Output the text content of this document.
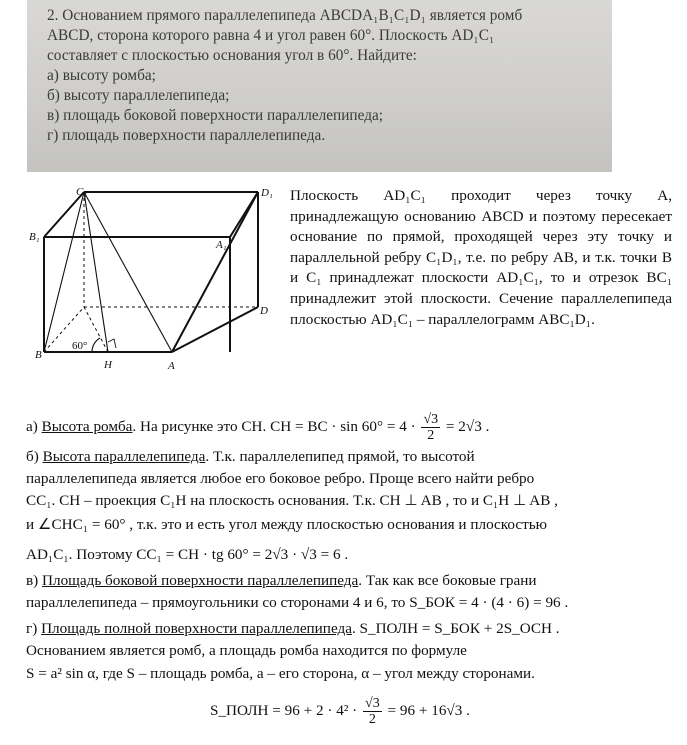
2. Основанием прямого параллелепипеда ABCDA₁B₁C₁D₁ является ромб

ABCD, сторона которого равна 4 и угол равен 60°. Плоскость AD₁C₁

составляет с плоскостью основания угол в 60°. Найдите:

а) высоту ромба;

б) высоту параллелепипеда;

в) площадь боковой поверхности параллелепипеда;

г) площадь поверхности параллелепипеда.

C₁	D₁
B₁
A₁
D
B
H	A
60°
Плоскость AD₁C₁ проходит через точку A, принадлежащую основанию ABCD и поэтому пересекает основание по прямой, проходящей через эту точку и параллельной ребру C₁D₁, т.е. по ребру AB, и т.к. точки B и C₁ принадлежат плоскости AD₁C₁, то и отрезок BC₁ принадлежит этой плоскости. Сечение параллелепипеда плоскостью AD₁C₁ – параллелограмм ABC₁D₁.
а) Высота ромба. На рисунке это CH. CH = BC · $\sin 60^\circ = 4 \cdot \frac{√3}{2} = 2√3$ .
б) Высота параллелепипеда. Т.к. параллелепипед прямой, то высотой
параллелепипеда является любое его боковое ребро. Проще всего найти ребро
CC₁. CH – проекция C₁H на плоскость основания. Т.к. CH ⊥ AB , то и C₁H ⊥ AB ,
и ∠CHC₁ = 60° , т.к. это и есть угол между плоскостью основания и плоскостью
AD₁C₁. Поэтому CC₁ = CH · tg 60° = 2√3 · √3 = 6 .
в) Площадь боковой поверхности параллелепипеда. Так как все боковые грани
параллелепипеда – прямоугольники со сторонами 4 и 6, то S_БОК = 4 · (4 · 6) = 96 .
г) Площадь полной поверхности параллелепипеда. S_ПОЛН = S_БОК + 2S_ОСН .
Основанием является ромб, а площадь ромба находится по формуле
S = a² sin α, где S – площадь ромба, a – его сторона, α – угол между сторонами.
S_ПОЛН = $96 + 2 \cdot 4^2 \cdot \frac{√3}{2} = 96 + 16√3$ .
